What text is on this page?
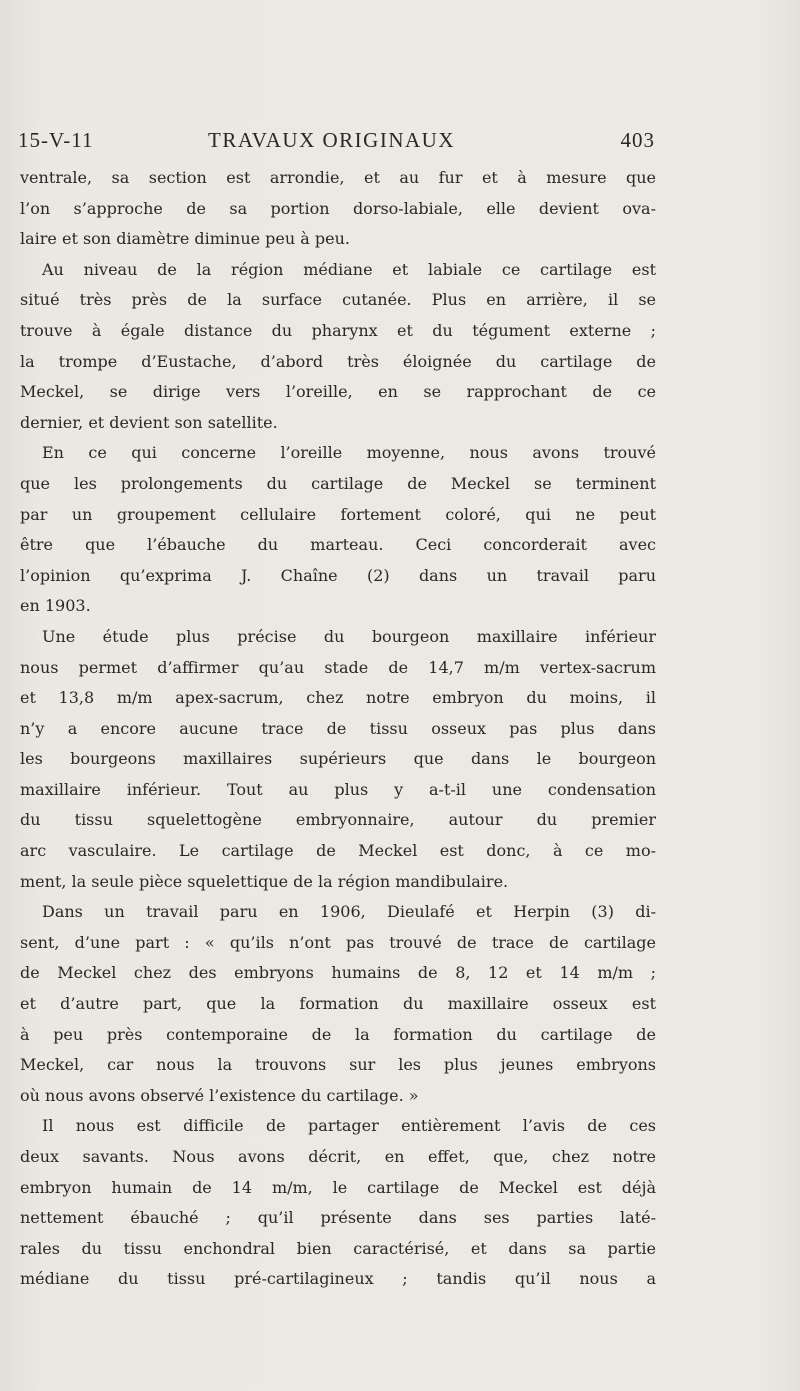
15-V-11	TRAVAUX ORIGINAUX	403
ventrale, sa section est arrondie, et au fur et à mesure que
l’on s’approche de sa portion dorso-labiale, elle devient ova-
laire et son diamètre diminue peu à peu.
Au niveau de la région médiane et labiale ce cartilage est
situé très près de la surface cutanée. Plus en arrière, il se
trouve à égale distance du pharynx et du tégument externe ;
la trompe d’Eustache, d’abord très éloignée du cartilage de
Meckel, se dirige vers l’oreille, en se rapprochant de ce
dernier, et devient son satellite.
En ce qui concerne l’oreille moyenne, nous avons trouvé
que les prolongements du cartilage de Meckel se terminent
par un groupement cellulaire fortement coloré, qui ne peut
être que l’ébauche du marteau. Ceci concorderait avec
l’opinion qu’exprima J. Chaîne (2) dans un travail paru
en 1903.
Une étude plus précise du bourgeon maxillaire inférieur
nous permet d’affirmer qu’au stade de 14,7 m/m vertex-sacrum
et 13,8 m/m apex-sacrum, chez notre embryon du moins, il
n’y a encore aucune trace de tissu osseux pas plus dans
les bourgeons maxillaires supérieurs que dans le bourgeon
maxillaire inférieur. Tout au plus y a-t-il une condensation
du tissu squelettogène embryonnaire, autour du premier
arc vasculaire. Le cartilage de Meckel est donc, à ce mo-
ment, la seule pièce squelettique de la région mandibulaire.
Dans un travail paru en 1906, Dieulafé et Herpin (3) di-
sent, d’une part : « qu’ils n’ont pas trouvé de trace de cartilage
de Meckel chez des embryons humains de 8, 12 et 14 m/m ;
et d’autre part, que la formation du maxillaire osseux est
à peu près contemporaine de la formation du cartilage de
Meckel, car nous la trouvons sur les plus jeunes embryons
où nous avons observé l’existence du cartilage. »
Il nous est difficile de partager entièrement l’avis de ces
deux savants. Nous avons décrit, en effet, que, chez notre
embryon humain de 14 m/m, le cartilage de Meckel est déjà
nettement ébauché ; qu’il présente dans ses parties laté-
rales du tissu enchondral bien caractérisé, et dans sa partie
médiane du tissu pré-cartilagineux ; tandis qu’il nous a
